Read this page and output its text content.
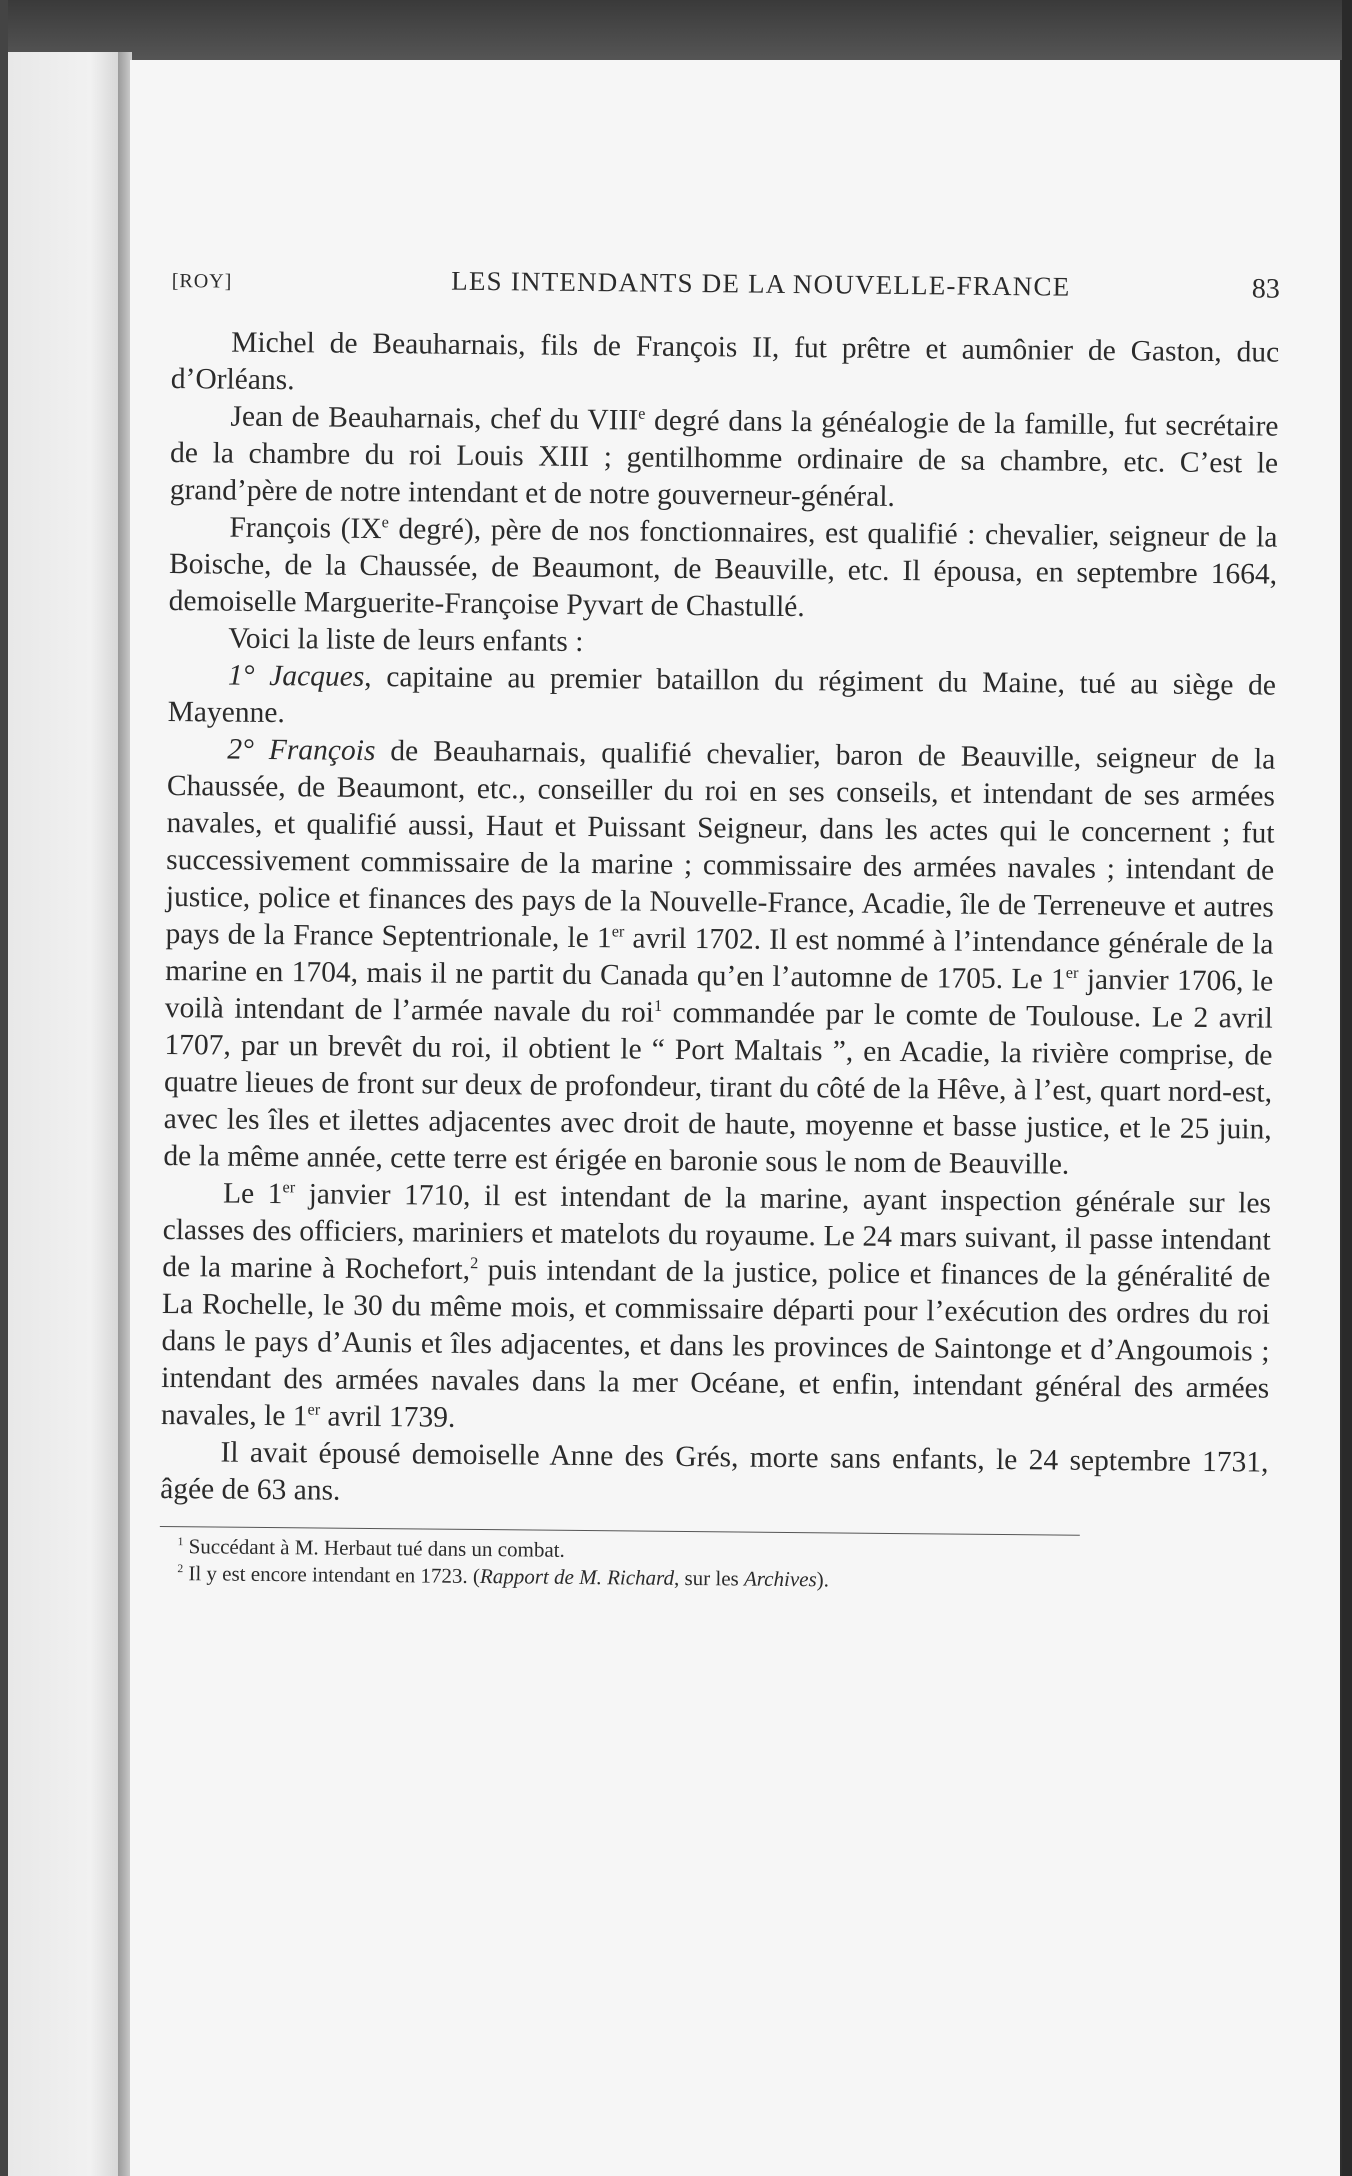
[ROY]	LES INTENDANTS DE LA NOUVELLE-FRANCE	83

Michel de Beauharnais, fils de François II, fut prêtre et aumônier de Gaston, duc d’Orléans.

Jean de Beauharnais, chef du VIIIe degré dans la généalogie de la famille, fut secrétaire de la chambre du roi Louis XIII ; gentilhomme ordinaire de sa chambre, etc. C’est le grand’père de notre intendant et de notre gouverneur-général.

François (IXe degré), père de nos fonctionnaires, est qualifié : chevalier, seigneur de la Boische, de la Chaussée, de Beaumont, de Beauville, etc. Il épousa, en septembre 1664, demoiselle Marguerite-Françoise Pyvart de Chastullé.

Voici la liste de leurs enfants :

1° Jacques, capitaine au premier bataillon du régiment du Maine, tué au siège de Mayenne.

2° François de Beauharnais, qualifié chevalier, baron de Beauville, seigneur de la Chaussée, de Beaumont, etc., conseiller du roi en ses conseils, et intendant de ses armées navales, et qualifié aussi, Haut et Puissant Seigneur, dans les actes qui le concernent ; fut successivement commissaire de la marine ; commissaire des armées navales ; intendant de justice, police et finances des pays de la Nouvelle-France, Acadie, île de Terreneuve et autres pays de la France Septentrionale, le 1er avril 1702. Il est nommé à l’intendance générale de la marine en 1704, mais il ne partit du Canada qu’en l’automne de 1705. Le 1er janvier 1706, le voilà intendant de l’armée navale du roi$^1$ commandée par le comte de Toulouse. Le 2 avril 1707, par un brevêt du roi, il obtient le “ Port Maltais ”, en Acadie, la rivière comprise, de quatre lieues de front sur deux de profondeur, tirant du côté de la Hêve, à l’est, quart nord-est, avec les îles et ilettes adjacentes avec droit de haute, moyenne et basse justice, et le 25 juin, de la même année, cette terre est érigée en baronie sous le nom de Beauville.

Le 1er janvier 1710, il est intendant de la marine, ayant inspection générale sur les classes des officiers, mariniers et matelots du royaume. Le 24 mars suivant, il passe intendant de la marine à Rochefort,$^2$ puis intendant de la justice, police et finances de la généralité de La Rochelle, le 30 du même mois, et commissaire départi pour l’exécution des ordres du roi dans le pays d’Aunis et îles adjacentes, et dans les provinces de Saintonge et d’Angoumois ; intendant des armées navales dans la mer Océane, et enfin, intendant général des armées navales, le 1er avril 1739.

Il avait épousé demoiselle Anne des Grés, morte sans enfants, le 24 septembre 1731, âgée de 63 ans.

$^1$ Succédant à M. Herbaut tué dans un combat.

$^2$ Il y est encore intendant en 1723. (Rapport de M. Richard, sur les Archives).
